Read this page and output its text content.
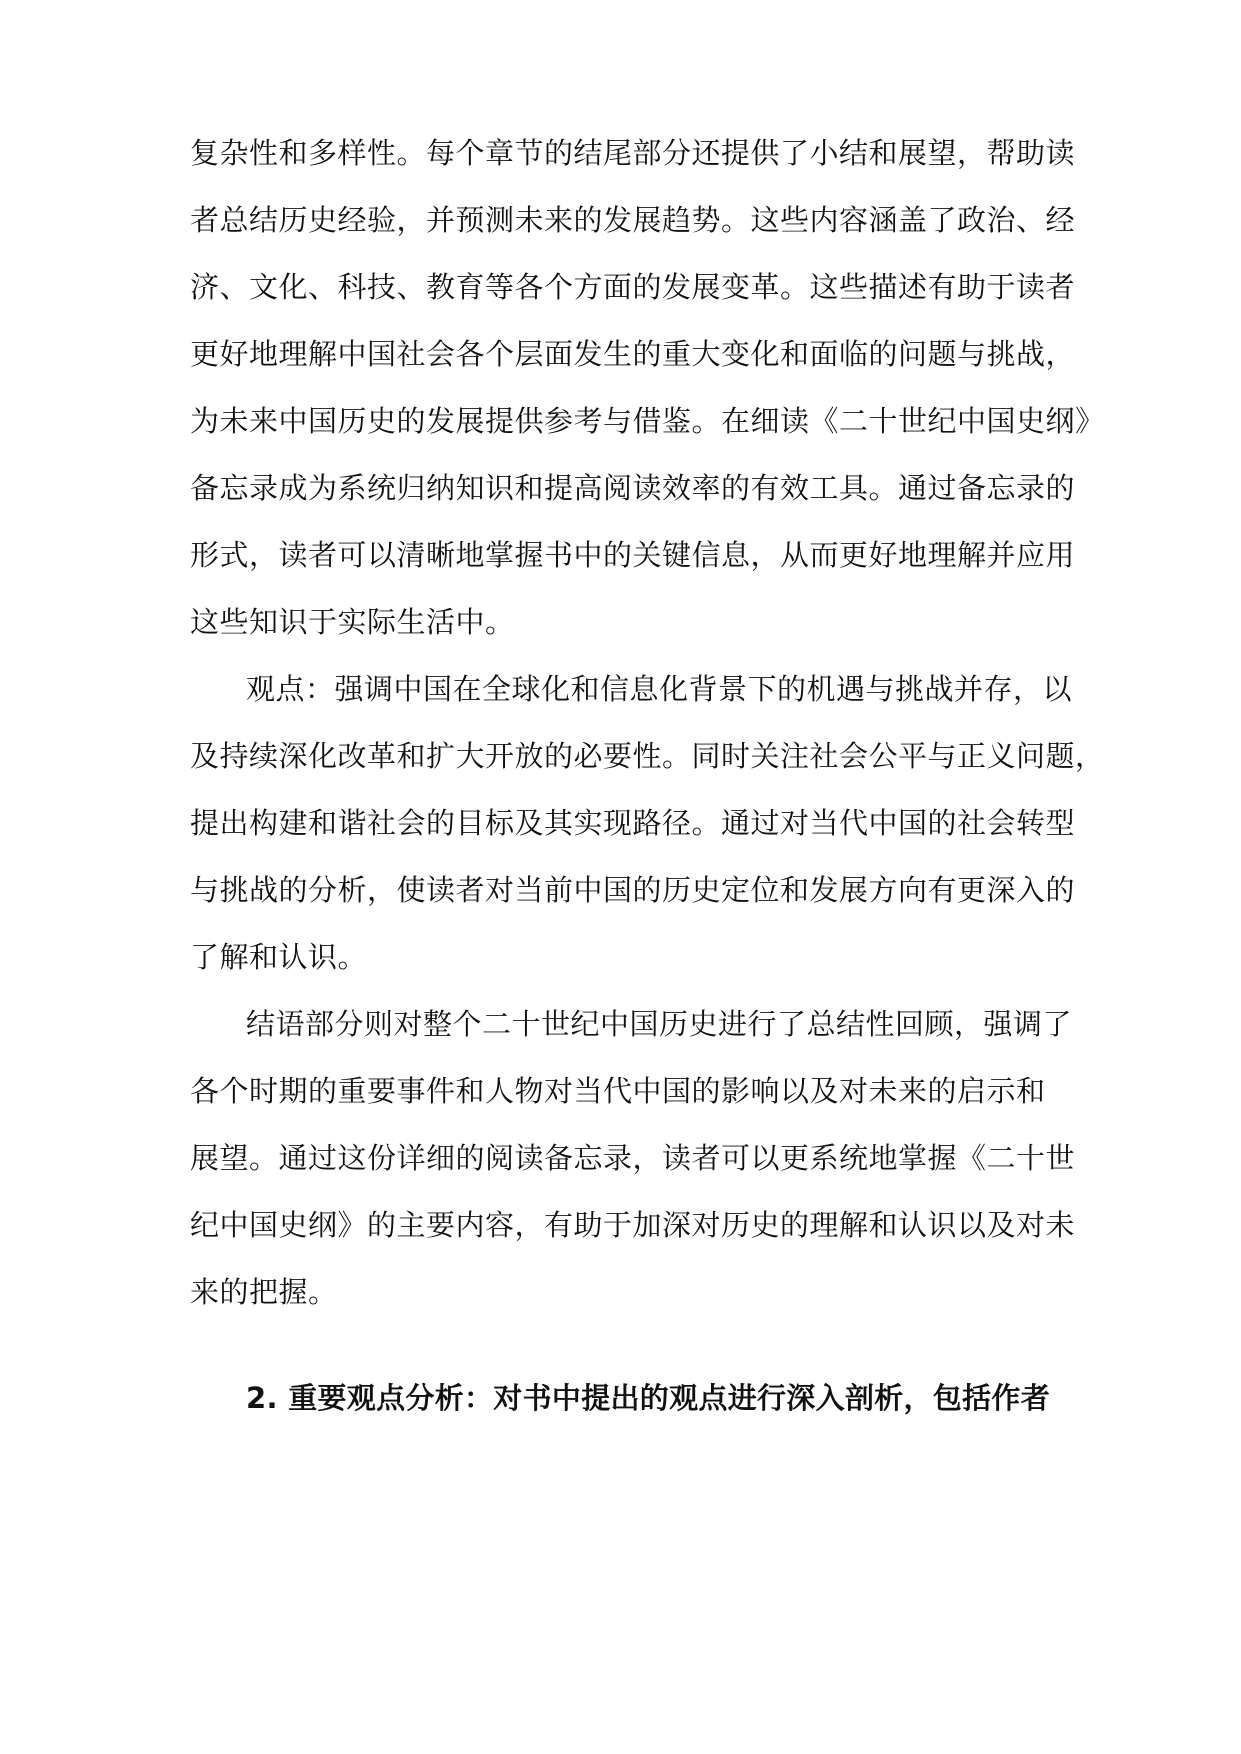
复杂性和多样性。每个章节的结尾部分还提供了小结和展望，帮助读
者总结历史经验，并预测未来的发展趋势。这些内容涵盖了政治、经
济、文化、科技、教育等各个方面的发展变革。这些描述有助于读者
更好地理解中国社会各个层面发生的重大变化和面临的问题与挑战，
为未来中国历史的发展提供参考与借鉴。在细读《二十世纪中国史纲》
备忘录成为系统归纳知识和提高阅读效率的有效工具。通过备忘录的
形式，读者可以清晰地掌握书中的关键信息，从而更好地理解并应用
这些知识于实际生活中。
观点：强调中国在全球化和信息化背景下的机遇与挑战并存，以
及持续深化改革和扩大开放的必要性。同时关注社会公平与正义问题，
提出构建和谐社会的目标及其实现路径。通过对当代中国的社会转型
与挑战的分析，使读者对当前中国的历史定位和发展方向有更深入的
了解和认识。
结语部分则对整个二十世纪中国历史进行了总结性回顾，强调了
各个时期的重要事件和人物对当代中国的影响以及对未来的启示和
展望。通过这份详细的阅读备忘录，读者可以更系统地掌握《二十世
纪中国史纲》的主要内容，有助于加深对历史的理解和认识以及对未
来的把握。
2. 重要观点分析：对书中提出的观点进行深入剖析，包括作者
